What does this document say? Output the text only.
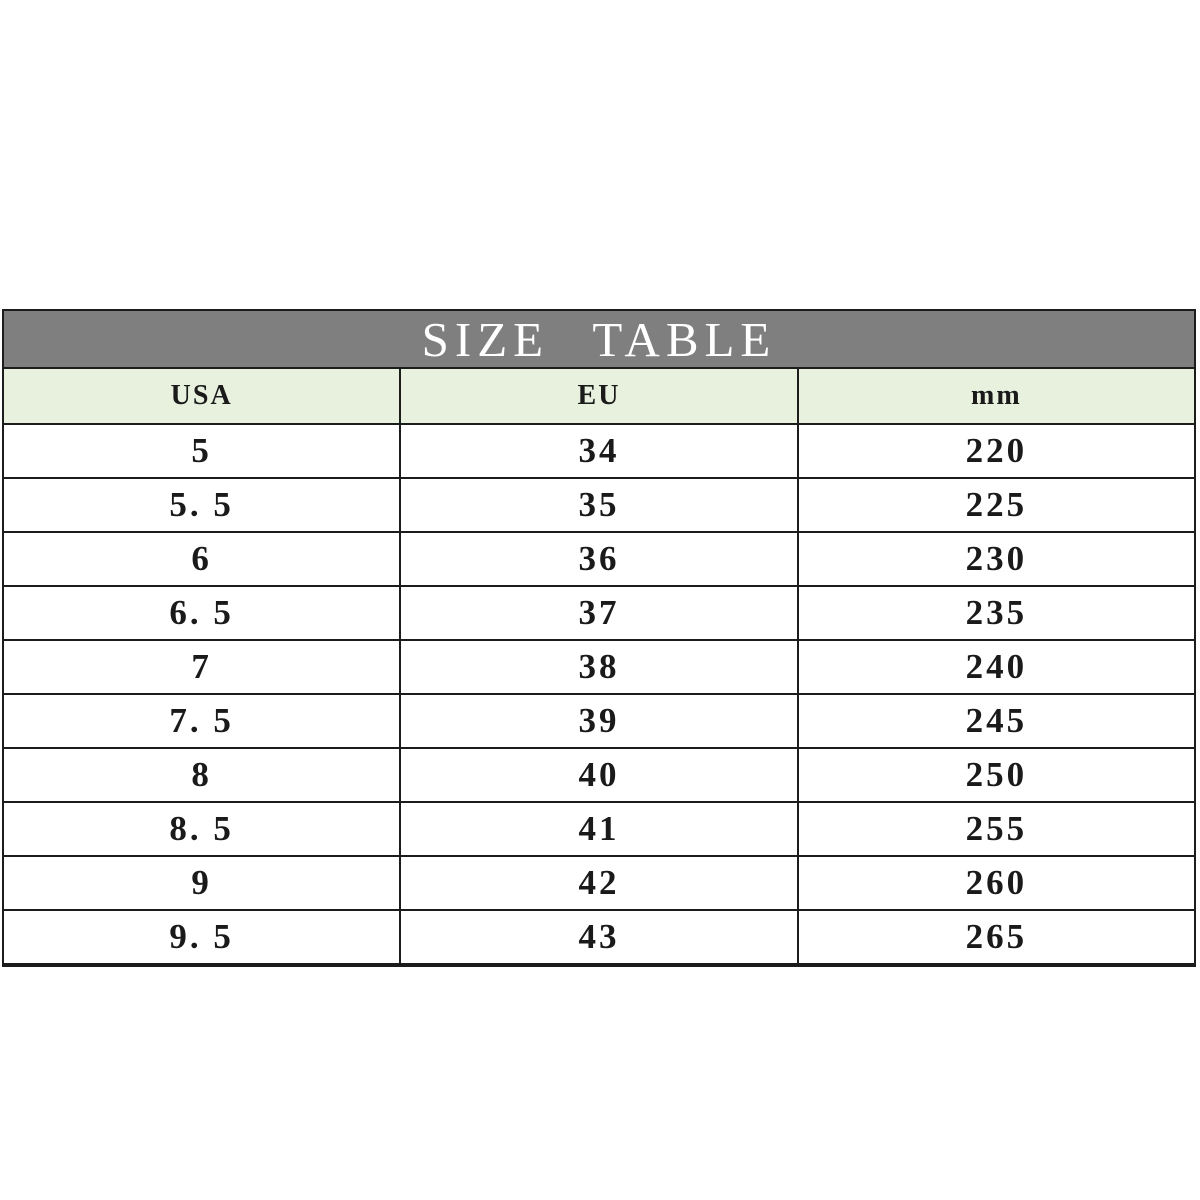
SIZE TABLE
USA	EU	mm
5	34	220
5. 5	35	225
6	36	230
6. 5	37	235
7	38	240
7. 5	39	245
8	40	250
8. 5	41	255
9	42	260
9. 5	43	265
